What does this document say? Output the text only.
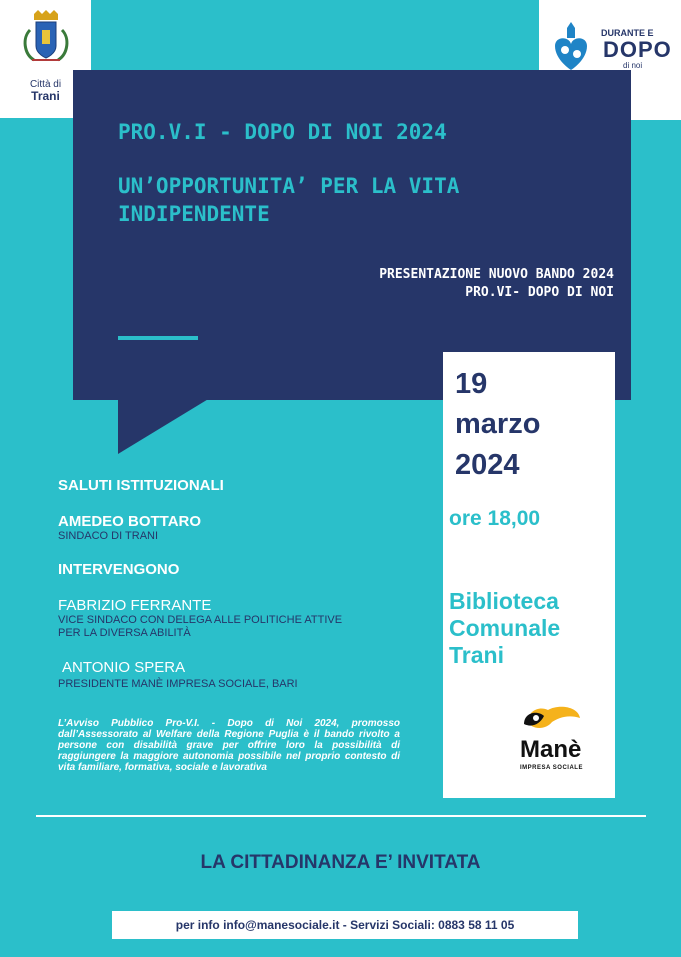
Città di
Trani
DURANTE E
DOPO
di noi
PRO.V.I - DOPO DI NOI 2024
UN’OPPORTUNITA’ PER LA VITA
INDIPENDENTE
PRESENTAZIONE NUOVO BANDO 2024
PRO.VI- DOPO DI NOI
19
marzo
2024
ore 18,00
Biblioteca
Comunale
Trani
Manè
IMPRESA SOCIALE
SALUTI ISTITUZIONALI
AMEDEO BOTTARO
SINDACO DI TRANI
INTERVENGONO
FABRIZIO FERRANTE
VICE SINDACO CON DELEGA ALLE POLITICHE ATTIVE
PER LA DIVERSA ABILITÀ
ANTONIO SPERA
PRESIDENTE MANÈ IMPRESA SOCIALE, BARI
L’Avviso Pubblico Pro-V.I. - Dopo di Noi 2024, promosso dall’Assessorato al Welfare della Regione Puglia è il bando rivolto a persone con disabilità grave per offrire loro la possibilità di raggiungere la maggiore autonomia possibile nel proprio contesto di vita familiare, formativa, sociale e lavorativa
LA CITTADINANZA E’ INVITATA
per info info@manesociale.it - Servizi Sociali: 0883 58 11 05
